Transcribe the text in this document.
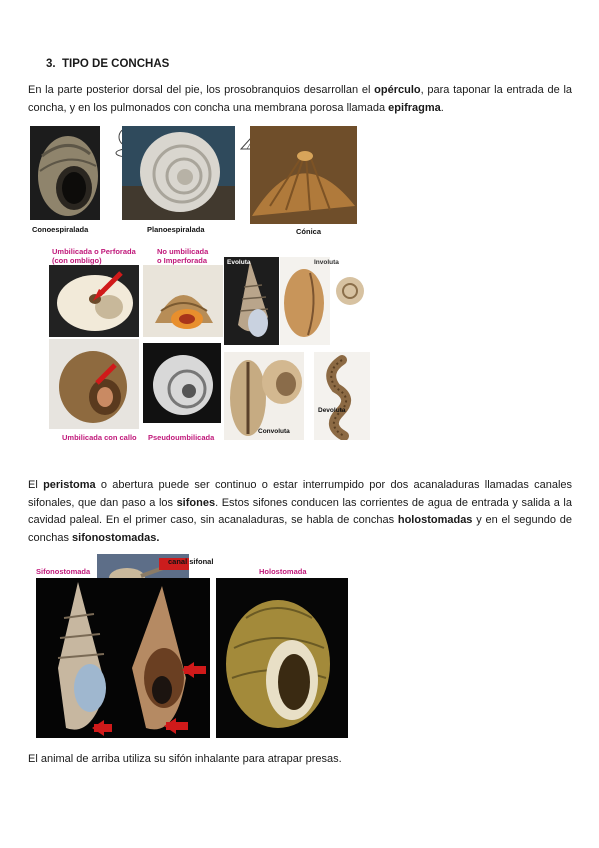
3. TIPO DE CONCHAS
En la parte posterior dorsal del pie, los prosobranquios desarrollan el opérculo, para taponar la entrada de la concha, y en los pulmonados con concha una membrana porosa llamada epifragma.
Conoespiralada	Planoespiralada	Cónica
Umbilicada o Perforada
(con ombligo)
No umbilicada
o Imperforada	Evoluta	Involuta
Umbilicada con callo Pseudoumbilicada
Convoluta
Devoluta
El peristoma o abertura puede ser continuo o estar interrumpido por dos acanaladuras llamadas canales sifonales, que dan paso a los sifones. Estos sifones conducen las corrientes de agua de entrada y salida a la cavidad paleal. En el primer caso, sin acanaladuras, se habla de conchas holostomadas y en el segundo de conchas sifonostomadas.
Sifonostomada
canal sifonal
Holostomada
El animal de arriba utiliza su sifón inhalante para atrapar presas.
